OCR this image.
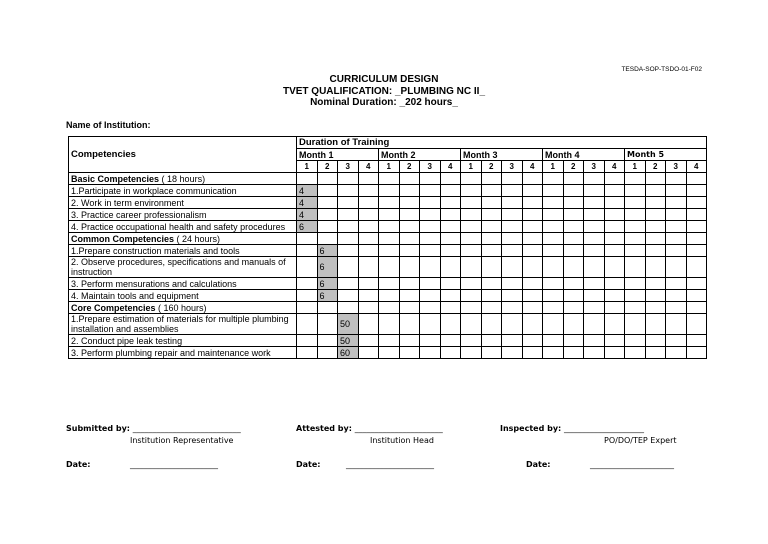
TESDA-SOP-TSDO-01-F02
CURRICULUM DESIGN
TVET QUALIFICATION: _PLUMBING NC II_
Nominal Duration: _202 hours_
Name of Institution:
Competencies	Duration of Training																			
	Month 1				Month 2				Month 3				Month 4				Month 5			
	1	2	3	4	1	2	3	4	1	2	3	4	1	2	3	4	1	2	3	4
Basic Competencies ( 18 hours)																				
1.Participate in workplace communication	4																			
2. Work in term environment	4																			
3. Practice career professionalism	4																			
4. Practice occupational health and safety procedures	6																			
Common Competencies ( 24 hours)																				
1.Prepare construction materials and tools		6																		
2. Observe procedures, specifications and manuals of instruction		6																		
3. Perform mensurations and calculations		6																		
4. Maintain tools and equipment		6																		
Core Competencies ( 160 hours)																				
1.Prepare estimation of materials for multiple plumbing installation and assemblies			50																	
2. Conduct pipe leak testing			50																	
3. Perform plumbing repair and maintenance work			60																	
Submitted by: ___________________________
Institution Representative
Attested by: ______________________
Institution Head
Inspected by: ____________________
PO/DO/TEP Expert
Date:	______________________	Date:	______________________	Date:	_____________________
